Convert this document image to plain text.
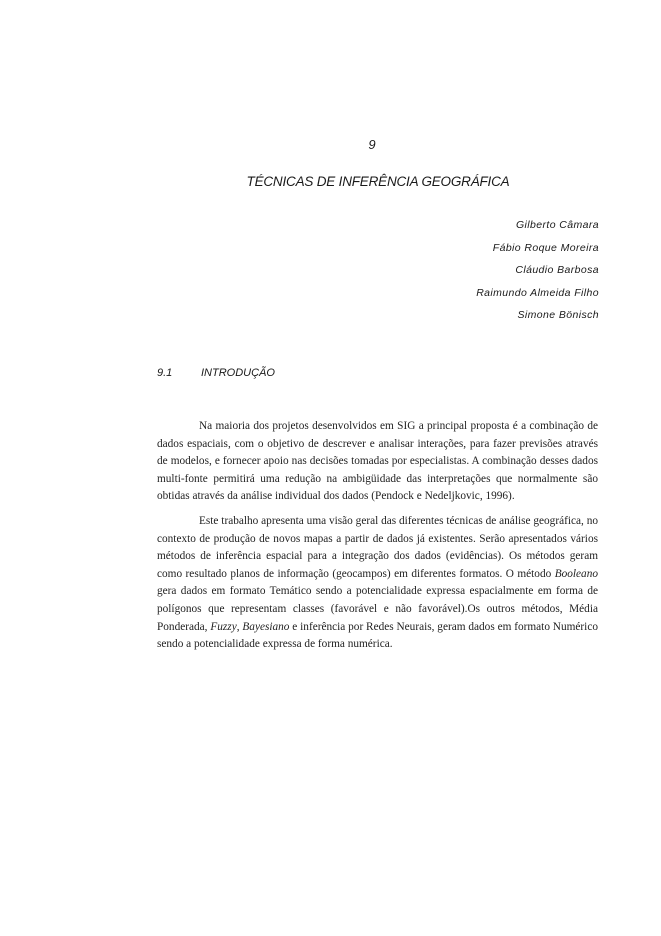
9
TÉCNICAS DE INFERÊNCIA GEOGRÁFICA
Gilberto Câmara
Fábio Roque Moreira
Cláudio Barbosa
Raimundo Almeida Filho
Simone Bönisch
9.1	INTRODUÇÃO

Na maioria dos projetos desenvolvidos em SIG a principal proposta é a combinação de dados espaciais, com o objetivo de descrever e analisar interações, para fazer previsões através de modelos, e fornecer apoio nas decisões tomadas por especialistas. A combinação desses dados multi-fonte permitirá uma redução na ambigüidade das interpretações que normalmente são obtidas através da análise individual dos dados (Pendock e Nedeljkovic, 1996).

Este trabalho apresenta uma visão geral das diferentes técnicas de análise geográfica, no contexto de produção de novos mapas a partir de dados já existentes. Serão apresentados vários métodos de inferência espacial para a integração dos dados (evidências). Os métodos geram como resultado planos de informação (geocampos) em diferentes formatos. O método Booleano gera dados em formato Temático sendo a potencialidade expressa espacialmente em forma de polígonos que representam classes (favorável e não favorável).Os outros métodos, Média Ponderada, Fuzzy, Bayesiano e inferência por Redes Neurais, geram dados em formato Numérico sendo a potencialidade expressa de forma numérica.
